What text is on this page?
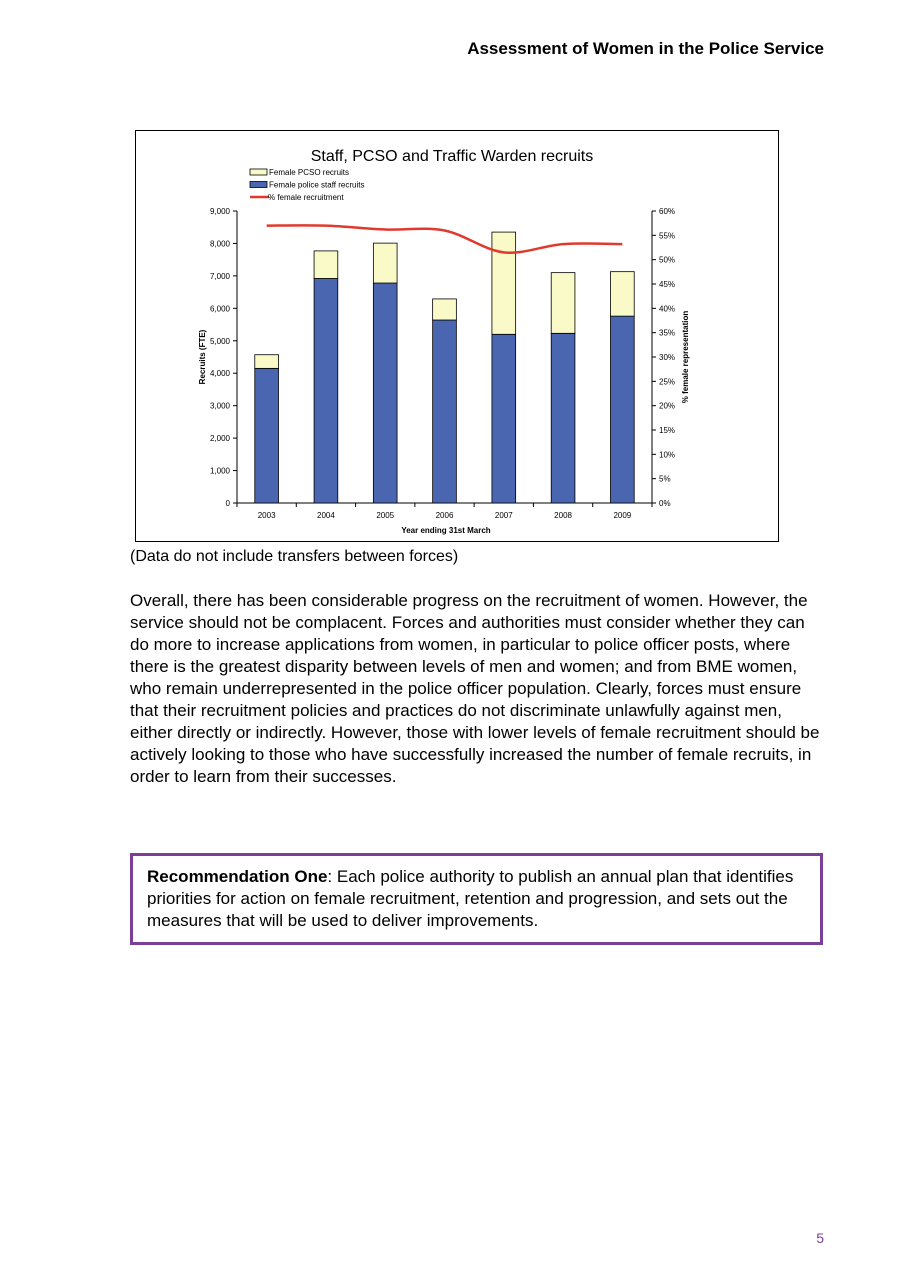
Assessment of Women in the Police Service
Staff, PCSO and Traffic Warden recruits
Year ending 31st March
Recruits (FTE)	% female representation
0
1,000
2,000
3,000
4,000
5,000
6,000
7,000
8,000
9,000
0%
5%
10%
15%
20%
25%
30%
35%
40%
45%
50%
55%
60%
2003	2004	2005	2006	2007	2008	2009
Female PCSO recruits
Female police staff recruits
% female recruitment
(Data do not include transfers between forces)

Overall, there has been considerable progress on the recruitment of women. However, the service should not be complacent. Forces and authorities must consider whether they can do more to increase applications from women, in particular to police officer posts, where there is the greatest disparity between levels of men and women; and from BME women, who remain underrepresented in the police officer population. Clearly, forces must ensure that their recruitment policies and practices do not discriminate unlawfully against men, either directly or indirectly. However, those with lower levels of female recruitment should be actively looking to those who have successfully increased the number of female recruits, in order to learn from their successes.

Recommendation One: Each police authority to publish an annual plan that identifies priorities for action on female recruitment, retention and progression, and sets out the measures that will be used to deliver improvements.
5
